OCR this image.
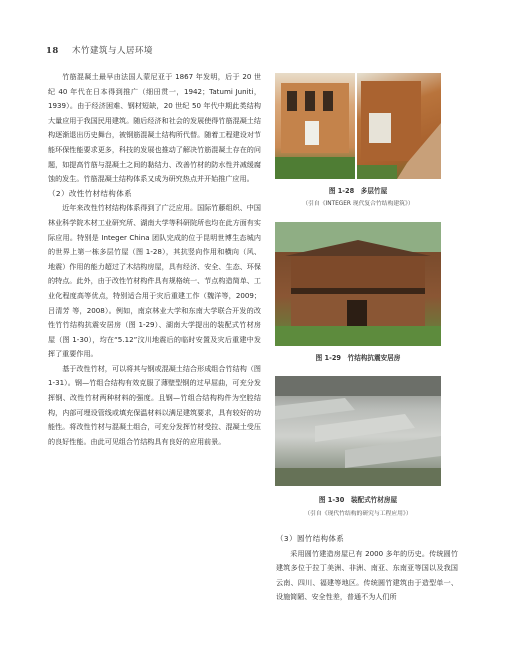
18 木竹建筑与人居环境

竹筋混凝土最早由法国人蒙尼亚于 1867 年发明，后于 20 世纪 40 年代在日本得到推广（细田贯一，1942；Tatumi Juniti，1939）。由于经济困难、钢材短缺，20 世纪 50 年代中期此类结构大量应用于我国民用建筑。随后经济和社会的发展使得竹筋混凝土结构逐渐退出历史舞台，被钢筋混凝土结构所代替。随着工程建设对节能环保性能要求更多，科技的发展也推动了解决竹筋混凝土存在的问题，如提高竹筋与混凝土之间的黏结力、改善竹材的防水性并减缓腐蚀的发生。竹筋混凝土结构体系又成为研究热点并开始推广应用。

（2）改性竹材结构体系

近年来改性竹材结构体系得到了广泛应用。国际竹藤组织、中国林业科学院木材工业研究所、湖南大学等科研院所也均在此方面有实际应用。特别是 Integer China 团队完成的位于昆明世博生态城内的世界上第一栋多层竹屋（图 1-28），其抗竖向作用和横向（风、地震）作用的能力超过了木结构房屋，具有经济、安全、生态、环保的特点。此外，由于改性竹材构件具有规格统一、节点构造简单、工业化程度高等优点，特别适合用于灾后重建工作（魏洋等，2009；吕清芳 等，2008）。例如，南京林业大学和东南大学联合开发的改性竹竹结构抗震安居房（图 1-29）、湖南大学提出的装配式竹材房屋（图 1-30），均在“5.12”汶川地震后的临时安置及灾后重建中发挥了重要作用。

基于改性竹材，可以将其与钢或混凝土结合形成组合竹结构（图 1-31）。钢—竹组合结构有效克服了薄壁型钢的过早屈曲，可充分发挥钢、改性竹材两种材料的强度。且钢—竹组合结构构件为空腔结构，内部可埋设管线或填充保温材料以满足建筑要求，具有较好的功能性。将改性竹材与混凝土组合，可充分发挥竹材受拉、混凝土受压的良好性能。由此可见组合竹结构具有良好的应用前景。

图 1-28　多层竹屋
（引自《INTEGER 现代复合竹结构建筑》）
图 1-29　竹结构抗震安居房
图 1-30　装配式竹材房屋
（引自《现代竹结构的研究与工程应用》）

（3）圆竹结构体系

采用圆竹建造房屋已有 2000 多年的历史。传统圆竹建筑多位于拉丁美洲、非洲、南亚、东南亚等国以及我国云南、四川、福建等地区。传统圆竹建筑由于造型单一、设施简陋、安全性差，普通不为人们所
